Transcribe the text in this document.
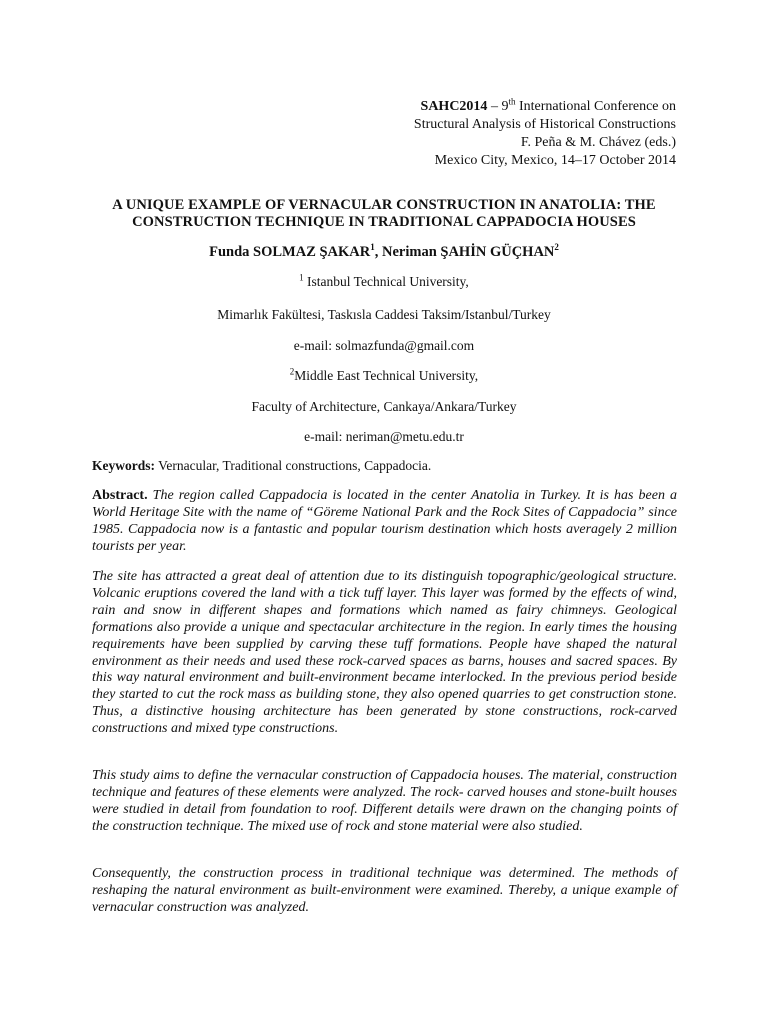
SAHC2014 – 9th International Conference on
Structural Analysis of Historical Constructions
F. Peña & M. Chávez (eds.)
Mexico City, Mexico, 14–17 October 2014
A UNIQUE EXAMPLE OF VERNACULAR CONSTRUCTION IN ANATOLIA: THE CONSTRUCTION TECHNIQUE IN TRADITIONAL CAPPADOCIA HOUSES
Funda SOLMAZ ŞAKAR$^1$, Neriman ŞAHİN GÜÇHAN$^2$
$^1$ Istanbul Technical University,
Mimarlık Fakültesi, Taskısla Caddesi Taksim/Istanbul/Turkey
e-mail: solmazfunda@gmail.com
$^2$Middle East Technical University,
Faculty of Architecture, Cankaya/Ankara/Turkey
e-mail: neriman@metu.edu.tr
Keywords: Vernacular, Traditional constructions, Cappadocia.
Abstract. The region called Cappadocia is located in the center Anatolia in Turkey. It is has been a World Heritage Site with the name of “Göreme National Park and the Rock Sites of Cappadocia” since 1985. Cappadocia now is a fantastic and popular tourism destination which hosts averagely 2 million tourists per year.
The site has attracted a great deal of attention due to its distinguish topographic/geological structure. Volcanic eruptions covered the land with a tick tuff layer. This layer was formed by the effects of wind, rain and snow in different shapes and formations which named as fairy chimneys. Geological formations also provide a unique and spectacular architecture in the region. In early times the housing requirements have been supplied by carving these tuff formations. People have shaped the natural environment as their needs and used these rock-carved spaces as barns, houses and sacred spaces. By this way natural environment and built-environment became interlocked. In the previous period beside they started to cut the rock mass as building stone, they also opened quarries to get construction stone. Thus, a distinctive housing architecture has been generated by stone constructions, rock-carved constructions and mixed type constructions.
This study aims to define the vernacular construction of Cappadocia houses. The material, construction technique and features of these elements were analyzed. The rock- carved houses and stone-built houses were studied in detail from foundation to roof. Different details were drawn on the changing points of the construction technique. The mixed use of rock and stone material were also studied.
Consequently, the construction process in traditional technique was determined. The methods of reshaping the natural environment as built-environment were examined. Thereby, a unique example of vernacular construction was analyzed.
